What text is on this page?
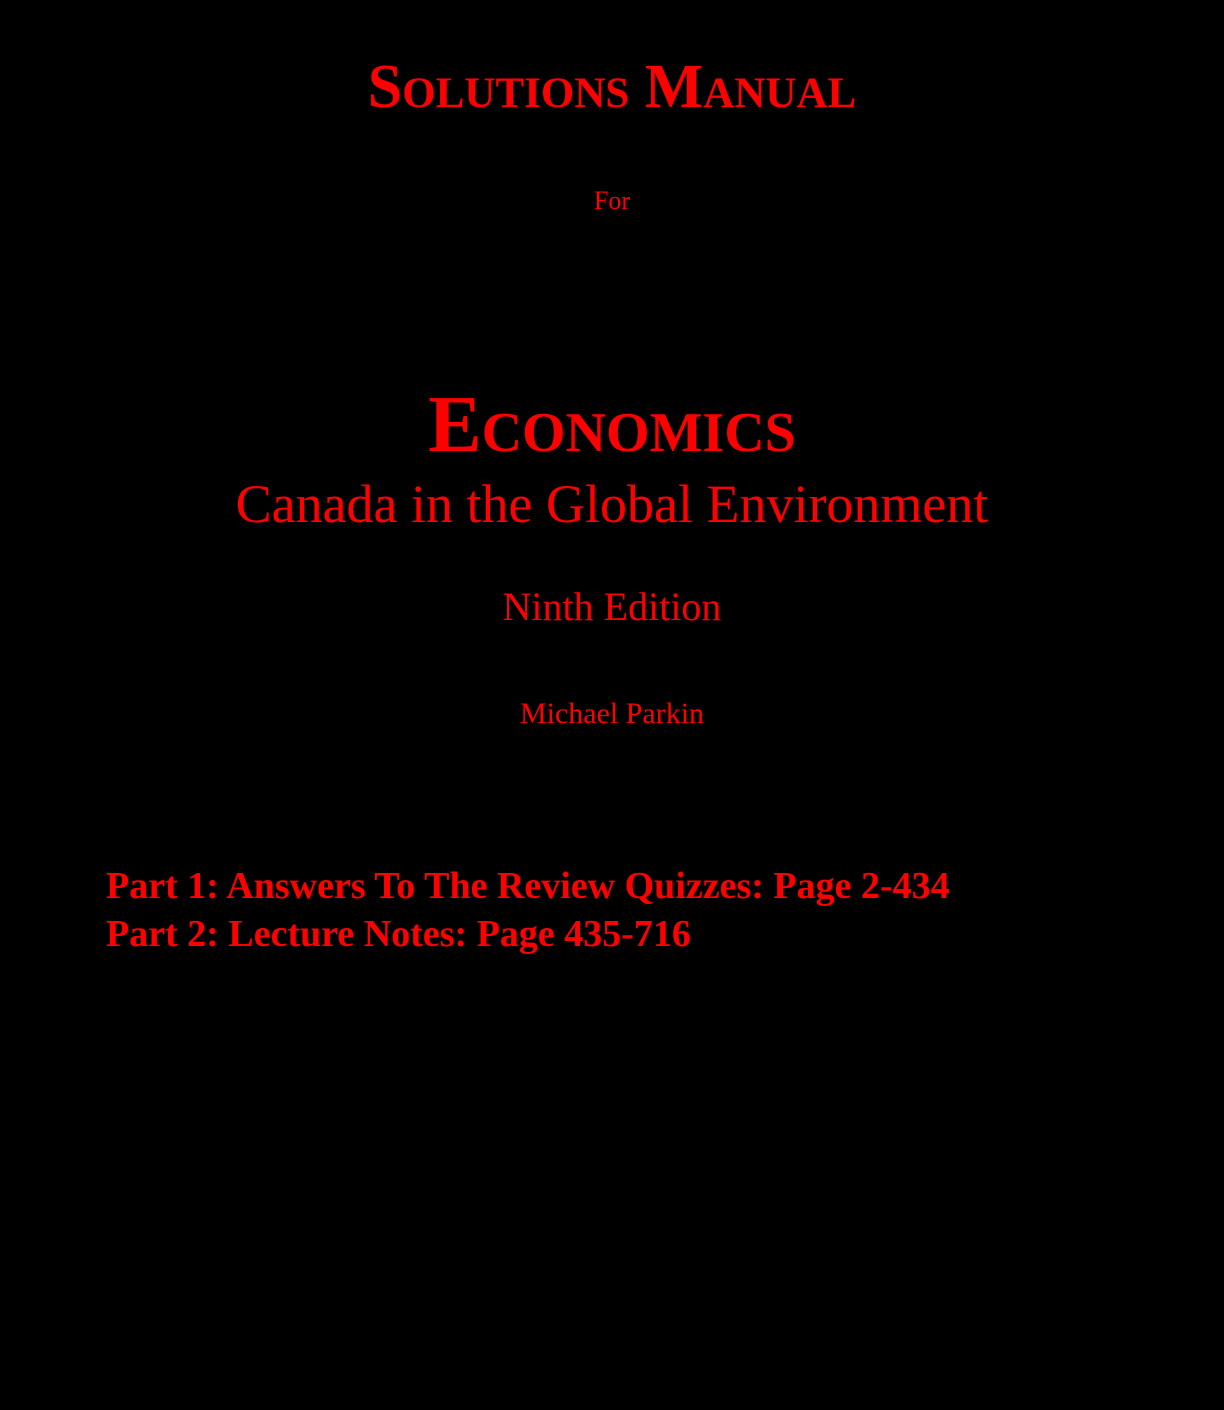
Solutions Manual
For
Economics
Canada in the Global Environment
Ninth Edition
Michael Parkin
Part 1: Answers To The Review Quizzes: Page 2-434
Part 2: Lecture Notes: Page 435-716
